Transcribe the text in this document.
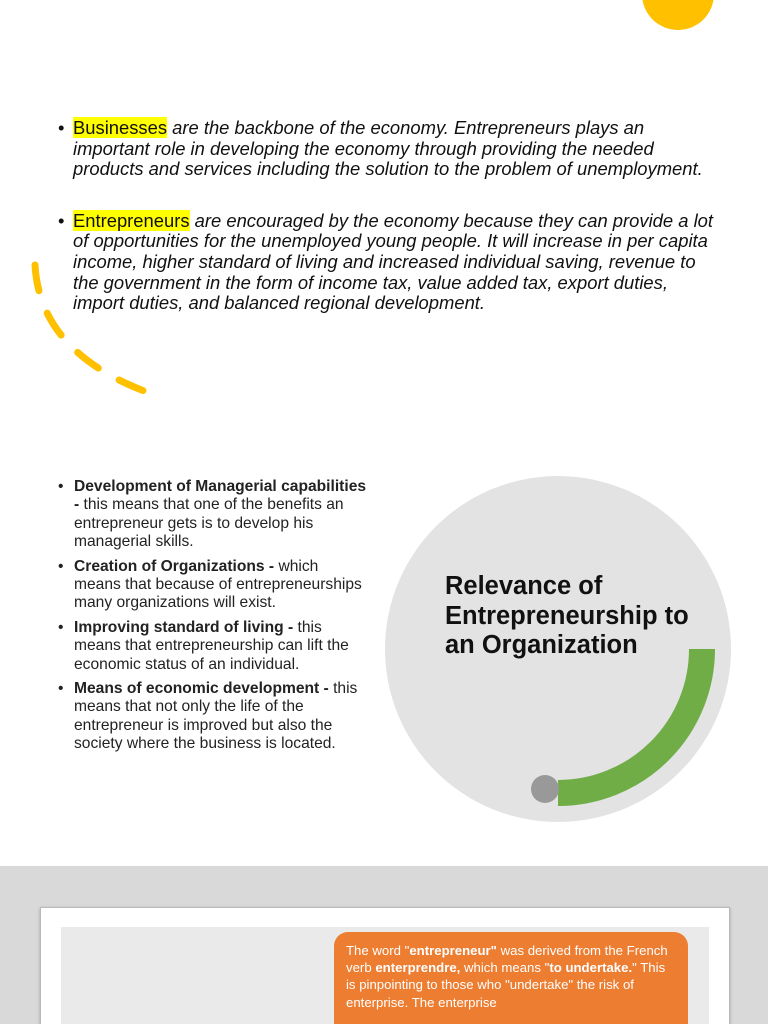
• Businesses are the backbone of the economy. Entrepreneurs plays an important role in developing the economy through providing the needed products and services including the solution to the problem of unemployment.
• Entrepreneurs are encouraged by the economy because they can provide a lot of opportunities for the unemployed young people. It will increase in per capita income, higher standard of living and increased individual saving, revenue to the government in the form of income tax, value added tax, export duties, import duties, and balanced regional development.
• Development of Managerial capabilities - this means that one of the benefits an entrepreneur gets is to develop his managerial skills.
• Creation of Organizations - which means that because of entrepreneurships many organizations will exist.
• Improving standard of living - this means that entrepreneurship can lift the economic status of an individual.
• Means of economic development - this means that not only the life of the entrepreneur is improved but also the society where the business is located.
Relevance of Entrepreneurship to an Organization
The word "entrepreneur" was derived from the French verb enterprendre, which means "to undertake." This is pinpointing to those who "undertake" the risk of enterprise. The enterprise
